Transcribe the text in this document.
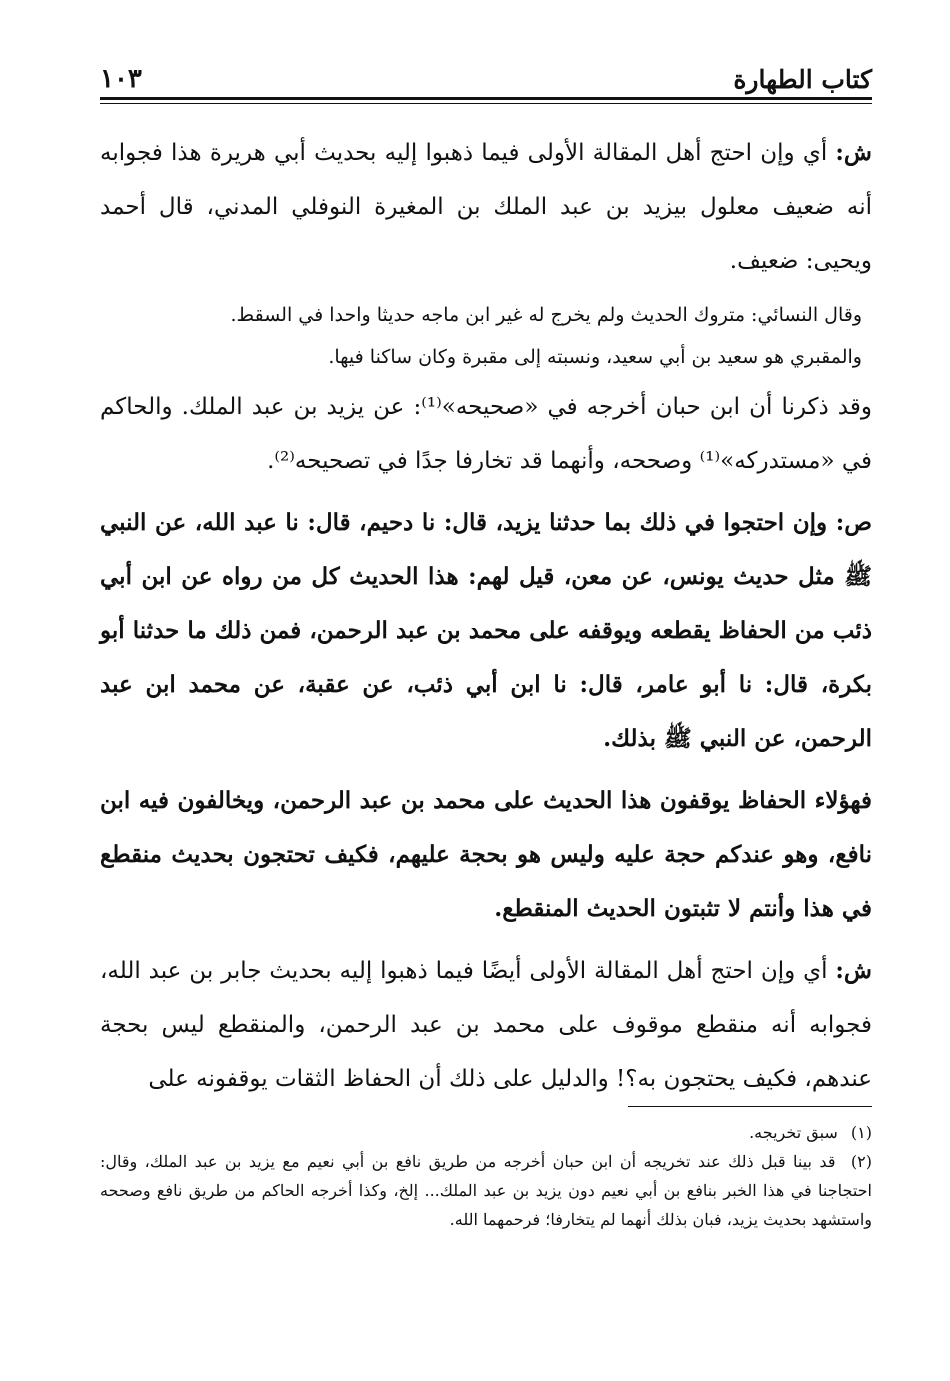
كتاب الطهارة
١٠٣

ش: أي وإن احتج أهل المقالة الأولى فيما ذهبوا إليه بحديث أبي هريرة هذا فجوابه أنه ضعيف معلول بيزيد بن عبد الملك بن المغيرة النوفلي المدني، قال أحمد ويحيى: ضعيف.

وقال النسائي: متروك الحديث ولم يخرج له غير ابن ماجه حديثا واحدا في السقط.

والمقبري هو سعيد بن أبي سعيد، ونسبته إلى مقبرة وكان ساكنا فيها.

وقد ذكرنا أن ابن حبان أخرجه في «صحيحه»⁽¹⁾: عن يزيد بن عبد الملك. والحاكم في «مستدركه»⁽¹⁾ وصححه، وأنهما قد تخارفا جدًا في تصحيحه⁽²⁾.

ص: وإن احتجوا في ذلك بما حدثنا يزيد، قال: نا دحيم، قال: نا عبد الله، عن النبي ﷺ مثل حديث يونس، عن معن، قيل لهم: هذا الحديث كل من رواه عن ابن أبي ذئب من الحفاظ يقطعه ويوقفه على محمد بن عبد الرحمن، فمن ذلك ما حدثنا أبو بكرة، قال: نا أبو عامر، قال: نا ابن أبي ذئب، عن عقبة، عن محمد ابن عبد الرحمن، عن النبي ﷺ بذلك.

فهؤلاء الحفاظ يوقفون هذا الحديث على محمد بن عبد الرحمن، ويخالفون فيه ابن نافع، وهو عندكم حجة عليه وليس هو بحجة عليهم، فكيف تحتجون بحديث منقطع في هذا وأنتم لا تثبتون الحديث المنقطع.

ش: أي وإن احتج أهل المقالة الأولى أيضًا فيما ذهبوا إليه بحديث جابر بن عبد الله، فجوابه أنه منقطع موقوف على محمد بن عبد الرحمن، والمنقطع ليس بحجة عندهم، فكيف يحتجون به؟! والدليل على ذلك أن الحفاظ الثقات يوقفونه على

(١) سبق تخريجه.

(٢) قد بينا قبل ذلك عند تخريجه أن ابن حبان أخرجه من طريق نافع بن أبي نعيم مع يزيد بن عبد الملك، وقال: احتجاجنا في هذا الخبر بنافع بن أبي نعيم دون يزيد بن عبد الملك... إلخ، وكذا أخرجه الحاكم من طريق نافع وصححه واستشهد بحديث يزيد، فبان بذلك أنهما لم يتخارفا؛ فرحمهما الله.
